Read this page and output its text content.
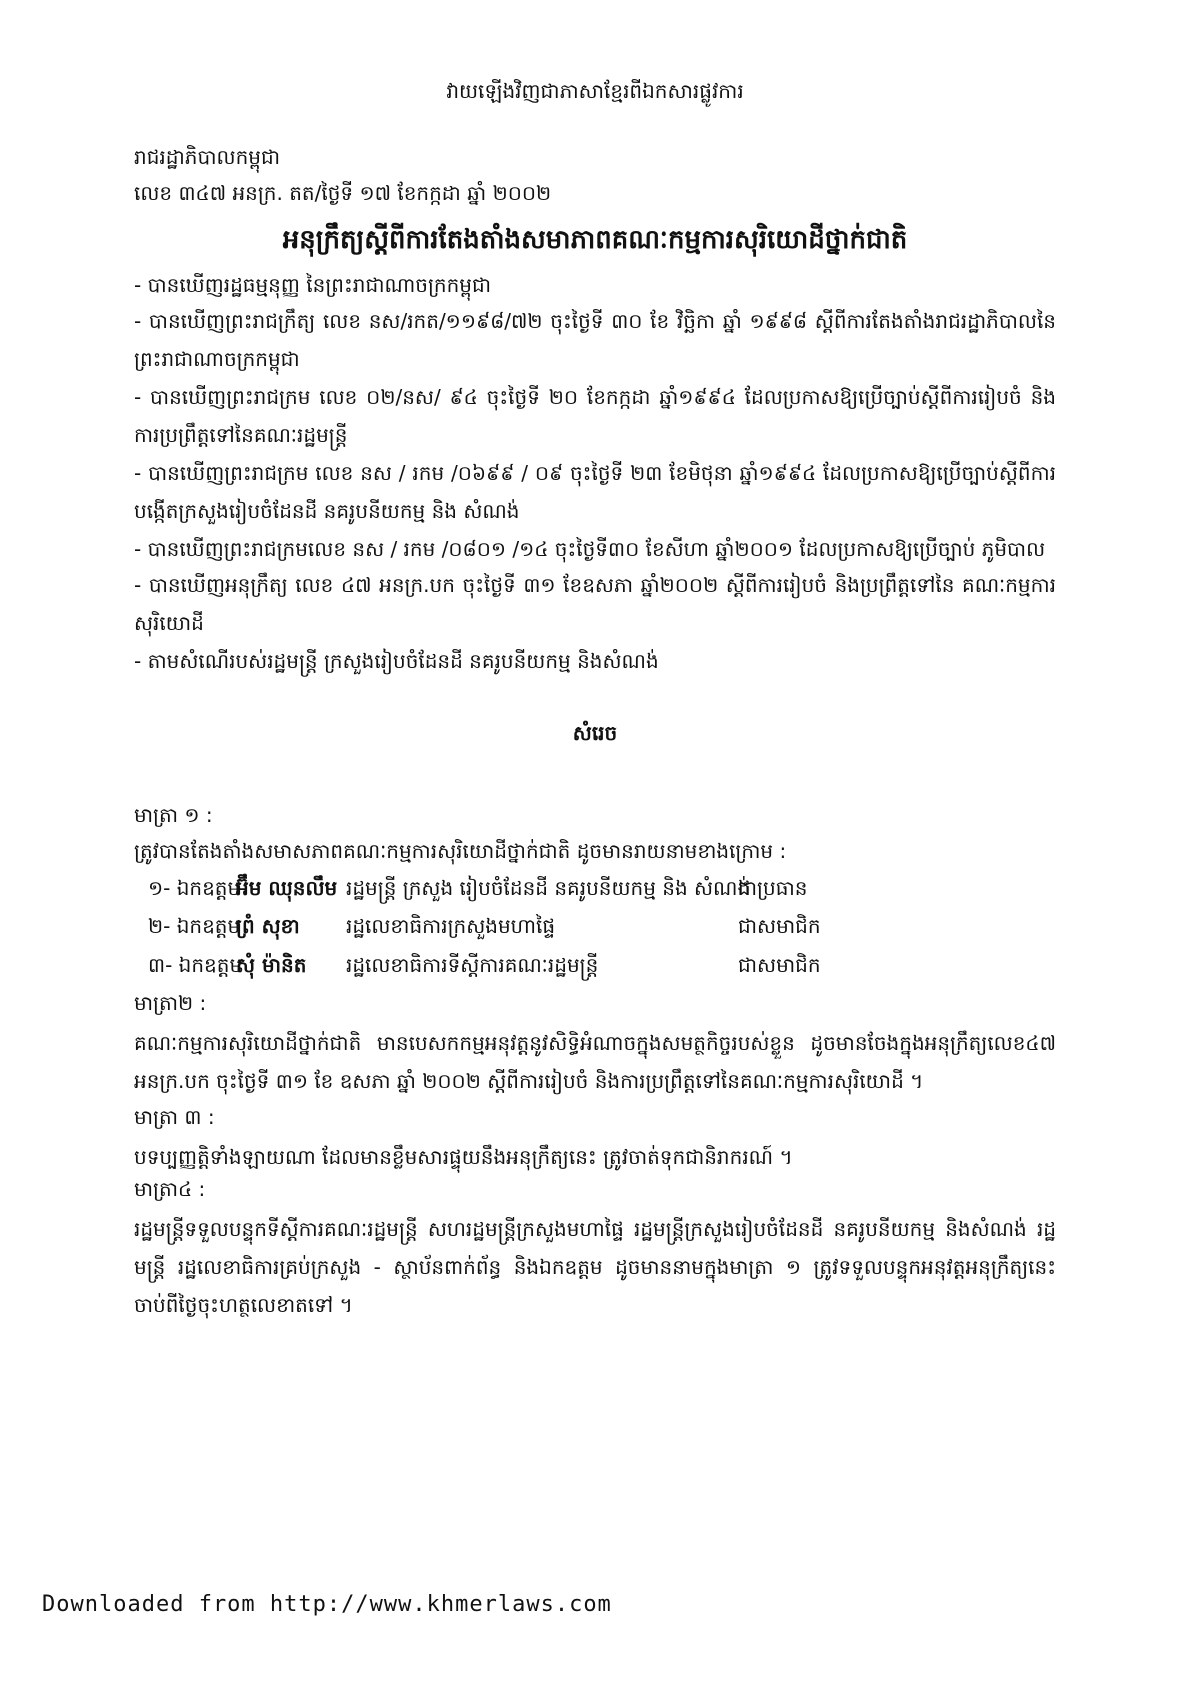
វាយឡើងវិញជាភាសាខ្មែរពីឯកសារផ្លូវការ
រាជរដ្ឋាភិបាលកម្ពុជា
លេខ ៣៤៧ អនក្រ. តត/ថ្ងៃទី ១៧ ខែកក្កដា ឆ្នាំ ២០០២
អនុក្រឹត្យស្តីពីការតែងតាំងសមាភាពគណៈកម្មការសុរិយោដីថ្នាក់ជាតិ
- បានឃើញរដ្ឋធម្មនុញ្ញ នៃព្រះរាជាណាចក្រកម្ពុជា
- បានឃើញព្រះរាជក្រឹត្យ លេខ នស/រកត/១១៩៨/៧២ ចុះថ្ងៃទី ៣០ ខែ វិច្ឆិកា ឆ្នាំ ១៩៩៨ ស្តីពីការតែងតាំងរាជរដ្ឋាភិបាលនៃព្រះរាជាណាចក្រកម្ពុជា
- បានឃើញព្រះរាជក្រម លេខ ០២/នស/ ៩៤ ចុះថ្ងៃទី ២០ ខែកក្កដា ឆ្នាំ១៩៩៤ ដែលប្រកាសឱ្យប្រើច្បាប់ស្តីពីការរៀបចំ និង ការប្រព្រឹត្តទៅនៃគណៈរដ្ឋមន្ត្រី
- បានឃើញព្រះរាជក្រម លេខ នស / រកម /០៦៩៩ / ០៩ ចុះថ្ងៃទី ២៣ ខែមិថុនា ឆ្នាំ១៩៩៤ ដែលប្រកាសឱ្យប្រើច្បាប់ស្តីពីការបង្កើតក្រសួងរៀបចំដែនដី នគរូបនីយកម្ម និង សំណង់
- បានឃើញព្រះរាជក្រមលេខ នស / រកម /០៨០១ /១៤ ចុះថ្ងៃទី៣០ ខែសីហា ឆ្នាំ២០០១ ដែលប្រកាសឱ្យប្រើច្បាប់ ភូមិបាល
- បានឃើញអនុក្រឹត្យ លេខ ៤៧ អនក្រ.បក ចុះថ្ងៃទី ៣១ ខែឧសភា ឆ្នាំ២០០២ ស្តីពីការរៀបចំ និងប្រព្រឹត្តទៅនៃ គណៈកម្មការសុរិយោដី
- តាមសំណើរបស់រដ្ឋមន្ត្រី ក្រសួងរៀបចំដែនដី នគរូបនីយកម្ម និងសំណង់
សំរេច
មាត្រា ១ :
ត្រូវបានតែងតាំងសមាសភាពគណៈកម្មការសុរិយោដីថ្នាក់ជាតិ ដូចមានរាយនាមខាងក្រោម :
១- ឯកឧត្តម
អ៊ឹម ឈុនលឹម រដ្ឋមន្ត្រី ក្រសួង រៀបចំដែនដី នគរូបនីយកម្ម និង សំណង់
ជាប្រធាន
២- ឯកឧត្តម
ព្រំ សុខា រដ្ឋលេខាធិការក្រសួងមហាផ្ទៃ	ជាសមាជិក
៣- ឯកឧត្តម
សុំ ម៉ានិត រដ្ឋលេខាធិការទីស្តីការគណៈរដ្ឋមន្ត្រី	ជាសមាជិក
មាត្រា២ :
គណៈកម្មការសុរិយោដីថ្នាក់ជាតិ មានបេសកកម្មអនុវត្តនូវសិទ្ធិអំណាចក្នុងសមត្ថកិច្ចរបស់ខ្លួន ដូចមានចែងក្នុងអនុក្រឹត្យលេខ៤៧ អនក្រ.បក ចុះថ្ងៃទី ៣១ ខែ ឧសភា ឆ្នាំ ២០០២ ស្តីពីការរៀបចំ និងការប្រព្រឹត្តទៅនៃគណៈកម្មការសុរិយោដី ។
មាត្រា ៣ :
បទប្បញ្ញត្តិទាំងឡាយណា ដែលមានខ្លឹមសារផ្ទុយនឹងអនុក្រឹត្យនេះ ត្រូវចាត់ទុកជានិរាករណ៍ ។
មាត្រា៤ :
រដ្ឋមន្ត្រីទទួលបន្ទុកទីស្តីការគណៈរដ្ឋមន្ត្រី សហរដ្ឋមន្ត្រីក្រសួងមហាផ្ទៃ រដ្ឋមន្ត្រីក្រសួងរៀបចំដែនដី នគរូបនីយកម្ម និងសំណង់ រដ្ឋមន្ត្រី រដ្ឋលេខាធិការគ្រប់ក្រសួង - ស្ថាប័នពាក់ព័ន្ធ និងឯកឧត្តម ដូចមាននាមក្នុងមាត្រា ១ ត្រូវទទួលបន្ទុកអនុវត្តអនុក្រឹត្យនេះចាប់ពីថ្ងៃចុះហត្ថលេខាតទៅ ។
Downloaded from http://www.khmerlaws.com
